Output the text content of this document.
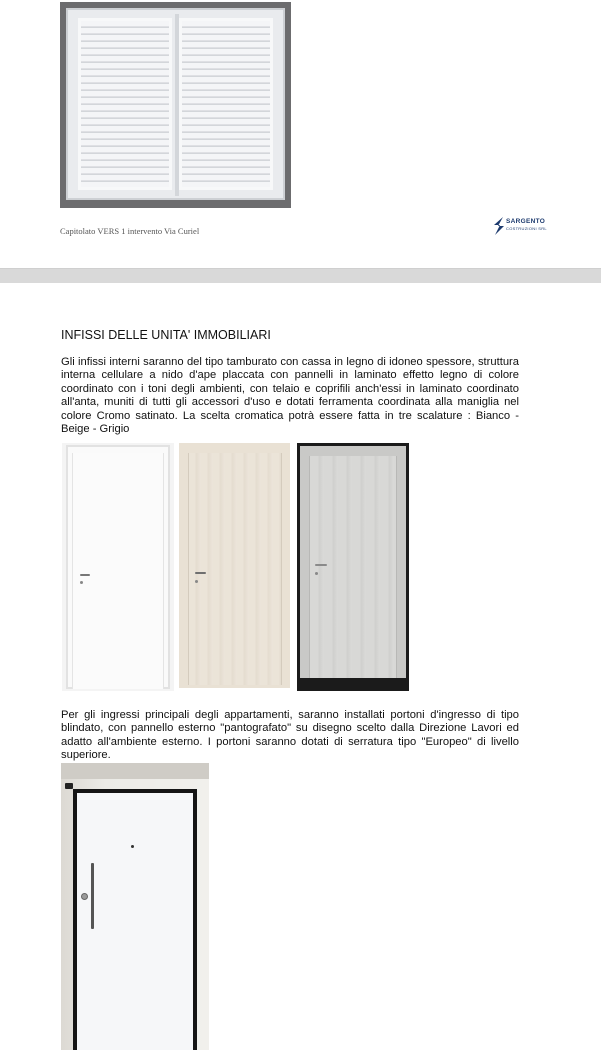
Capitolato VERS 1 intervento Via Curiel
SARGENTO
COSTRUZIONI SRL
INFISSI DELLE UNITA' IMMOBILIARI

Gli infissi interni saranno del tipo tamburato con cassa in legno di idoneo spessore, struttura interna cellulare a nido d'ape placcata con pannelli in laminato effetto legno di colore coordinato con i toni degli ambienti, con telaio e coprifili anch'essi in laminato coordinato all'anta, muniti di tutti gli accessori d'uso e dotati ferramenta coordinata alla maniglia nel colore Cromo satinato. La scelta cromatica potrà essere fatta in tre scalature : Bianco - Beige - Grigio

Per gli ingressi principali degli appartamenti, saranno installati portoni d'ingresso di tipo blindato, con pannello esterno "pantografato" su disegno scelto dalla Direzione Lavori ed adatto all'ambiente esterno. I portoni saranno dotati di serratura tipo "Europeo" di livello superiore.
